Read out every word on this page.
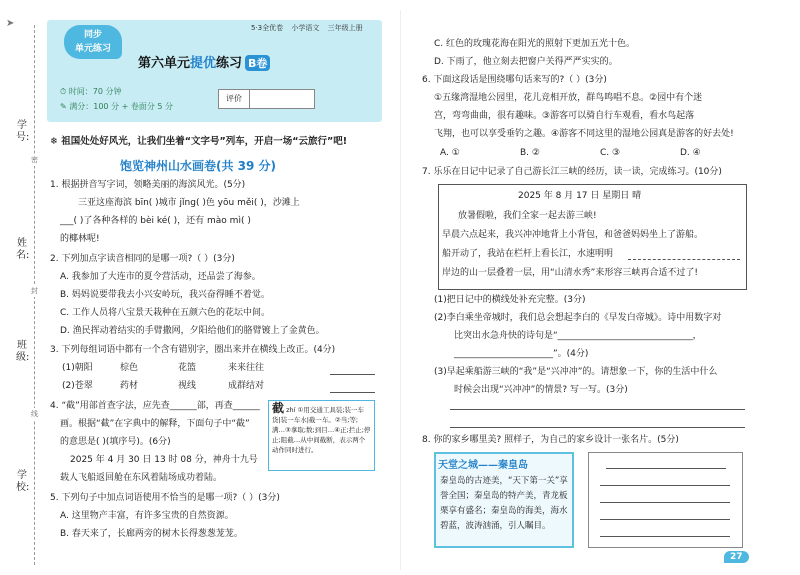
➤
学号:
密
姓名:
封
班级:
线
学校:
同步
单元练习
5·3全优卷 小学语文 三年级上册
第六单元提优练习 B卷
⏱ 时间：70 分钟
✎ 满分：100 分 + 卷面分 5 分
评价
❄ 祖国处处好风光，让我们坐着“文字号”列车，开启一场“云旅行”吧!
饱览神州山水画卷(共 39 分)
1. 根据拼音写字词，领略美丽的海滨风光。(5分)
三亚这座海滨 bīn( )城市 jǐng( )色 yōu měi( )，沙滩上
___( )了各种各样的 bèi ké( )，还有 mào mì( )
的椰林呢!
2. 下列加点字读音相同的是哪一项?（ ）(3分)
A. 我参加了大连市的夏令营活动，还品尝了海参。
B. 妈妈说要带我去小兴安岭玩，我兴奋得睡不着觉。
C. 工作人员将八宝景天栽种在五颜六色的花坛中间。
D. 渔民挥动着结实的手臂撒网，夕阳给他们的胳臂镀上了金黄色。
3. 下列每组词语中都有一个含有错别字，圈出来并在横线上改正。(4分)
(1)朝阳	棕色	花篮	来来往往
(2)苍翠	药材	视线	成群结对
4. “截”用部首查字法，应先查______部，再查______
画。根据“截”在字典中的解释，下面句子中“截”
的意思是( )(填序号)。(6分)
2025 年 4 月 30 日 13 时 08 分，神舟十九号
载人飞船返回舱在东风着陆场成功着陆。
截 zhí ①用交通工具装;装一车货|装一车水|截一车。②当;等;满…③拿取;数;到目…④正;拦止;停止;阻截…从中间截断，表示两个动作同时进行。
5. 下列句子中加点词语使用不恰当的是哪一项?（ ）(3分)
A. 这里物产丰富，有许多宝贵的自然资源。
B. 春天来了，长廊两旁的树木长得葱葱茏茏。
C. 红色的玫瑰花海在阳光的照射下更加五光十色。
D. 下雨了，他立刻去把窗户关得严严实实的。
6. 下面这段话是围绕哪句话来写的?（ ）(3分)
①五缘湾湿地公园里，花儿竞相开放，群鸟鸣唱不息。②园中有个迷
宫，弯弯曲曲，很有趣味。③游客可以骑自行车观看，看水鸟起落
飞翔，也可以享受垂钓之趣。④游客不同这里的湿地公园真是游客的好去处!
A. ①	B. ②	C. ③	D. ④
7. 乐乐在日记中记录了自己游长江三峡的经历，读一读，完成练习。(10分)
2025 年 8 月 17 日 星期日 晴
放暑假啦，我们全家一起去游三峡!
早晨六点起来，我兴冲冲地背上小背包，和爸爸妈妈坐上了游船。
船开动了，我站在栏杆上看长江，水速明明
岸边的山一层叠着一层，用“山清水秀”来形容三峡再合适不过了!
(1)把日记中的横线处补充完整。(3分)
(2)李白乘坐帝城时，我们总会想起李白的《早发白帝城》。诗中用数字对
比突出水急舟快的诗句是“______________________________，
______________________”。(4分)
(3)早起乘船游三峡的“我”是“兴冲冲”的。请想象一下，你的生活中什么
时候会出现“兴冲冲”的情景? 写一写。(3分)
8. 你的家乡哪里美? 照样子，为自己的家乡设计一张名片。(5分)
天堂之城——秦皇岛
秦皇岛的古迹美，“天下第一关”享誉全国；秦皇岛的特产美，青龙板栗享有盛名；秦皇岛的海美，海水碧蓝，波涛汹涌，引人瞩目。
27
